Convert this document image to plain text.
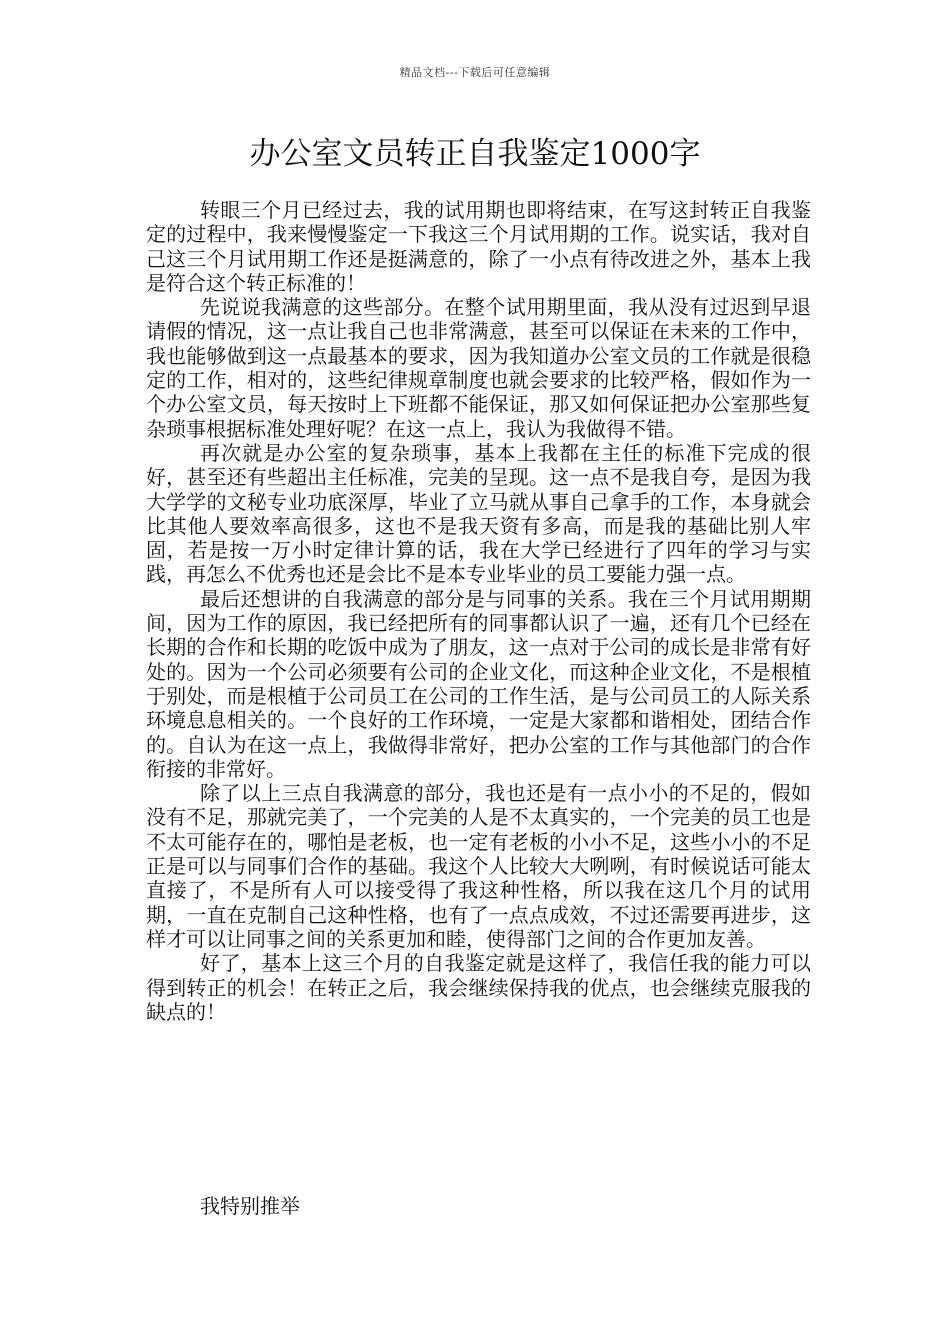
精品文档---下载后可任意编辑
办公室文员转正自我鉴定1000字

转眼三个月已经过去，我的试用期也即将结束，在写这封转正自我鉴定的过程中，我来慢慢鉴定一下我这三个月试用期的工作。说实话，我对自己这三个月试用期工作还是挺满意的，除了一小点有待改进之外，基本上我是符合这个转正标准的！

先说说我满意的这些部分。在整个试用期里面，我从没有过迟到早退请假的情况，这一点让我自己也非常满意，甚至可以保证在未来的工作中，我也能够做到这一点最基本的要求，因为我知道办公室文员的工作就是很稳定的工作，相对的，这些纪律规章制度也就会要求的比较严格，假如作为一个办公室文员，每天按时上下班都不能保证，那又如何保证把办公室那些复杂琐事根据标准处理好呢？在这一点上，我认为我做得不错。

再次就是办公室的复杂琐事，基本上我都在主任的标准下完成的很好，甚至还有些超出主任标准，完美的呈现。这一点不是我自夸，是因为我大学学的文秘专业功底深厚，毕业了立马就从事自己拿手的工作，本身就会比其他人要效率高很多，这也不是我天资有多高，而是我的基础比别人牢固，若是按一万小时定律计算的话，我在大学已经进行了四年的学习与实践，再怎么不优秀也还是会比不是本专业毕业的员工要能力强一点。

最后还想讲的自我满意的部分是与同事的关系。我在三个月试用期期间，因为工作的原因，我已经把所有的同事都认识了一遍，还有几个已经在长期的合作和长期的吃饭中成为了朋友，这一点对于公司的成长是非常有好处的。因为一个公司必须要有公司的企业文化，而这种企业文化，不是根植于别处，而是根植于公司员工在公司的工作生活，是与公司员工的人际关系环境息息相关的。一个良好的工作环境，一定是大家都和谐相处，团结合作的。自认为在这一点上，我做得非常好，把办公室的工作与其他部门的合作衔接的非常好。

除了以上三点自我满意的部分，我也还是有一点小小的不足的，假如没有不足，那就完美了，一个完美的人是不太真实的，一个完美的员工也是不太可能存在的，哪怕是老板，也一定有老板的小小不足，这些小小的不足正是可以与同事们合作的基础。我这个人比较大大咧咧，有时候说话可能太直接了，不是所有人可以接受得了我这种性格，所以我在这几个月的试用期，一直在克制自己这种性格，也有了一点点成效，不过还需要再进步，这样才可以让同事之间的关系更加和睦，使得部门之间的合作更加友善。

好了，基本上这三个月的自我鉴定就是这样了，我信任我的能力可以得到转正的机会！在转正之后，我会继续保持我的优点，也会继续克服我的缺点的！

我特别推举
